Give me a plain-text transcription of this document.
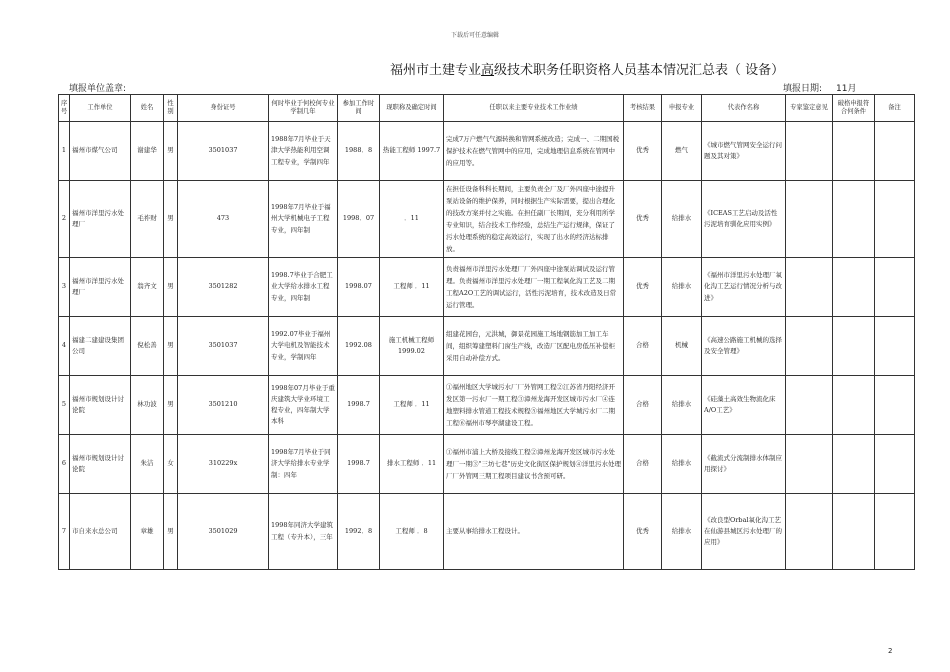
下载后可任意编辑
福州市土建专业高级技术职务任职资格人员基本情况汇总表（ 设备）
填报单位盖章:	填报日期: 11月
序号	工作单位	姓名	性别	身份证号	何时毕业于何校何专业学制几年	参加工作时间	现职称及确定时间	任职以来主要专业技术工作业绩	考核结果	申报专业	代表作名称	专家鉴定意见	破格申报符合何条件	备注
1	福州市煤气公司	谢建华	男	3501037	1988年7月毕业于天津大学热能利用空调工程专业，学制四年	1988．8	热能工程师 1997.7	完成7万户燃气气源转换和管网系统改造；完成一、二期国税保护技术在燃气管网中的应用，完成地理信息系统在管网中的应用等。	优秀	燃气	《城市燃气管网安全运行问题及其对策》			
2	福州市洋里污水处理厂	毛祚财	男	473	1998年7月毕业于福州大学机械电子工程专业，四年制	1998．07	．11	在担任设备科科长期间，主要负责全厂及厂外四座中途提升泵站设备的维护保养，同时根据生产实际需要，提出合理化的技改方案并付之实施。在担任副厂长期间，充分利用所学专业知识，结合技术工作经验，总结生产运行规律，保证了污水处理系统的稳定高效运行，实现了出水的经济达标排放。	优秀	给排水	《ICEAS工艺启动及活性污泥培育驯化应用实例》			
3	福州市洋里污水处理厂	翁齐文	男	3501282	1998.7毕业于合肥工业大学给水排水工程专业，四年制	1998.07	工程师 ．11	负责福州市洋里污水处理厂厂外四座中途泵站调试及运行管理。负责福州市洋里污水处理厂一期工程氧化沟工艺及二期工程A2O工艺的调试运行，活性污泥培育，技术改造及日常运行管理。	优秀	给排水	《福州市洋里污水处理厂氧化沟工艺运行情况分析与改进》			
4	福建二建建设集团公司	倪松善	男	3501037	1992.07毕业于福州大学电机及智能技术专业，学制四年	1992.08	施工机械工程师 1999.02	组建花园台，元洪城，御景花园施工场地钢筋加工加工车间，组织筹建塑料门窗生产线，改造厂区配电房低压补偿柜采用自动补偿方式。	合格	机械	《高速公路施工机械的选择及安全管理》			
5	福州市规划设计讨论院	林功波	男	3501210	1998年07月毕业于重庆建筑大学业环境工程专业，四年制大学本科	1998.7	工程师 ．11	①福州地区大学城污水厂厂外管网工程②江苏省丹阳经济开发区第一污水厂一期工程③漳州龙海开发区城市污水厂④连地塑料排水管道工程技术规程⑤福州地区大学城污水厂二期工程⑥福州市琴亭湖建设工程。	合格	给排水	《硅藻土高效生物流化床A/O工艺》			
6	福州市规划设计讨论院	朱洁	女	310229x	1998年7月毕业于同济大学给排水专业学制：四年	1998.7	排水工程师 ．11	①福州市浦上大桥及接线工程②漳州龙海开发区城市污水处理厂一期③"三坊七巷"历史文化街区保护规划④洋里污水处理厂厂外管网三期工程项目建议书含预可研。	合格	给排水	《截流式分流制排水体制应用探讨》			
7	市自来水总公司	章雄	男	3501029	1998年同济大学建筑工程（专升本），三年	1992．8	工程师 ．8	主要从事给排水工程设计。	优秀	给排水	《改良型Orbal氧化沟工艺在仙游县城区污水处理厂的应用》			
2
